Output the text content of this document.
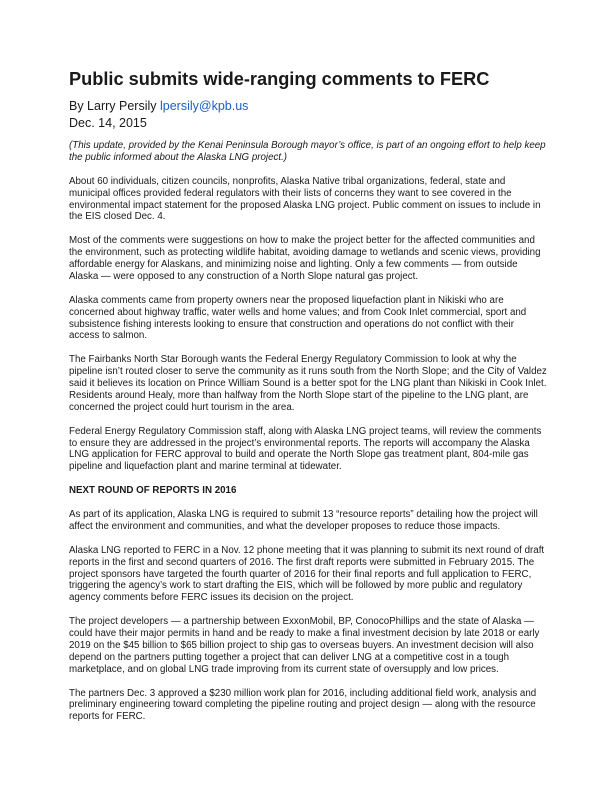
Public submits wide-ranging comments to FERC
By Larry Persily lpersily@kpb.us
Dec. 14, 2015

(This update, provided by the Kenai Peninsula Borough mayor’s office, is part of an ongoing effort to help keep the public informed about the Alaska LNG project.)

About 60 individuals, citizen councils, nonprofits, Alaska Native tribal organizations, federal, state and municipal offices provided federal regulators with their lists of concerns they want to see covered in the environmental impact statement for the proposed Alaska LNG project. Public comment on issues to include in the EIS closed Dec. 4.

Most of the comments were suggestions on how to make the project better for the affected communities and the environment, such as protecting wildlife habitat, avoiding damage to wetlands and scenic views, providing affordable energy for Alaskans, and minimizing noise and lighting. Only a few comments — from outside Alaska — were opposed to any construction of a North Slope natural gas project.

Alaska comments came from property owners near the proposed liquefaction plant in Nikiski who are concerned about highway traffic, water wells and home values; and from Cook Inlet commercial, sport and subsistence fishing interests looking to ensure that construction and operations do not conflict with their access to salmon.

The Fairbanks North Star Borough wants the Federal Energy Regulatory Commission to look at why the pipeline isn’t routed closer to serve the community as it runs south from the North Slope; and the City of Valdez said it believes its location on Prince William Sound is a better spot for the LNG plant than Nikiski in Cook Inlet. Residents around Healy, more than halfway from the North Slope start of the pipeline to the LNG plant, are concerned the project could hurt tourism in the area.

Federal Energy Regulatory Commission staff, along with Alaska LNG project teams, will review the comments to ensure they are addressed in the project’s environmental reports. The reports will accompany the Alaska LNG application for FERC approval to build and operate the North Slope gas treatment plant, 804-mile gas pipeline and liquefaction plant and marine terminal at tidewater.

NEXT ROUND OF REPORTS IN 2016

As part of its application, Alaska LNG is required to submit 13 “resource reports” detailing how the project will affect the environment and communities, and what the developer proposes to reduce those impacts.

Alaska LNG reported to FERC in a Nov. 12 phone meeting that it was planning to submit its next round of draft reports in the first and second quarters of 2016. The first draft reports were submitted in February 2015. The project sponsors have targeted the fourth quarter of 2016 for their final reports and full application to FERC, triggering the agency’s work to start drafting the EIS, which will be followed by more public and regulatory agency comments before FERC issues its decision on the project.

The project developers — a partnership between ExxonMobil, BP, ConocoPhillips and the state of Alaska — could have their major permits in hand and be ready to make a final investment decision by late 2018 or early 2019 on the $45 billion to $65 billion project to ship gas to overseas buyers. An investment decision will also depend on the partners putting together a project that can deliver LNG at a competitive cost in a tough marketplace, and on global LNG trade improving from its current state of oversupply and low prices.

The partners Dec. 3 approved a $230 million work plan for 2016, including additional field work, analysis and preliminary engineering toward completing the pipeline routing and project design — along with the resource reports for FERC.
